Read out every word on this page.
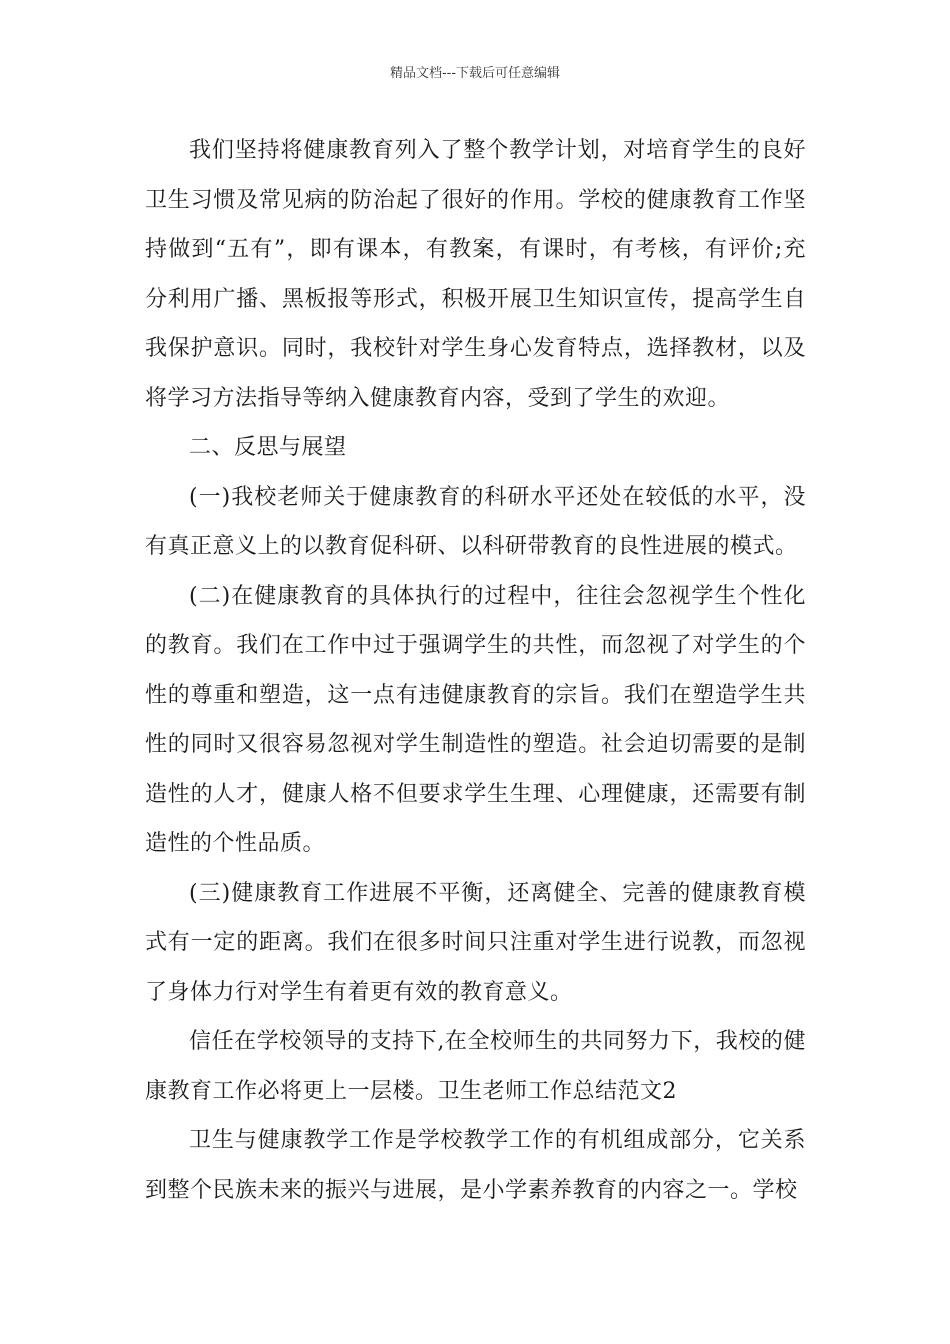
精品文档---下载后可任意编辑

我们坚持将健康教育列入了整个教学计划，对培育学生的良好卫生习惯及常见病的防治起了很好的作用。学校的健康教育工作坚持做到“五有”，即有课本，有教案，有课时，有考核，有评价;充分利用广播、黑板报等形式，积极开展卫生知识宣传，提高学生自我保护意识。同时，我校针对学生身心发育特点，选择教材，以及将学习方法指导等纳入健康教育内容，受到了学生的欢迎。

二、反思与展望

(一)我校老师关于健康教育的科研水平还处在较低的水平，没有真正意义上的以教育促科研、以科研带教育的良性进展的模式。

(二)在健康教育的具体执行的过程中，往往会忽视学生个性化的教育。我们在工作中过于强调学生的共性，而忽视了对学生的个性的尊重和塑造，这一点有违健康教育的宗旨。我们在塑造学生共性的同时又很容易忽视对学生制造性的塑造。社会迫切需要的是制造性的人才，健康人格不但要求学生生理、心理健康，还需要有制造性的个性品质。

(三)健康教育工作进展不平衡，还离健全、完善的健康教育模式有一定的距离。我们在很多时间只注重对学生进行说教，而忽视了身体力行对学生有着更有效的教育意义。

信任在学校领导的支持下,在全校师生的共同努力下，我校的健康教育工作必将更上一层楼。卫生老师工作总结范文2

卫生与健康教学工作是学校教学工作的有机组成部分，它关系到整个民族未来的振兴与进展，是小学素养教育的内容之一。学校
